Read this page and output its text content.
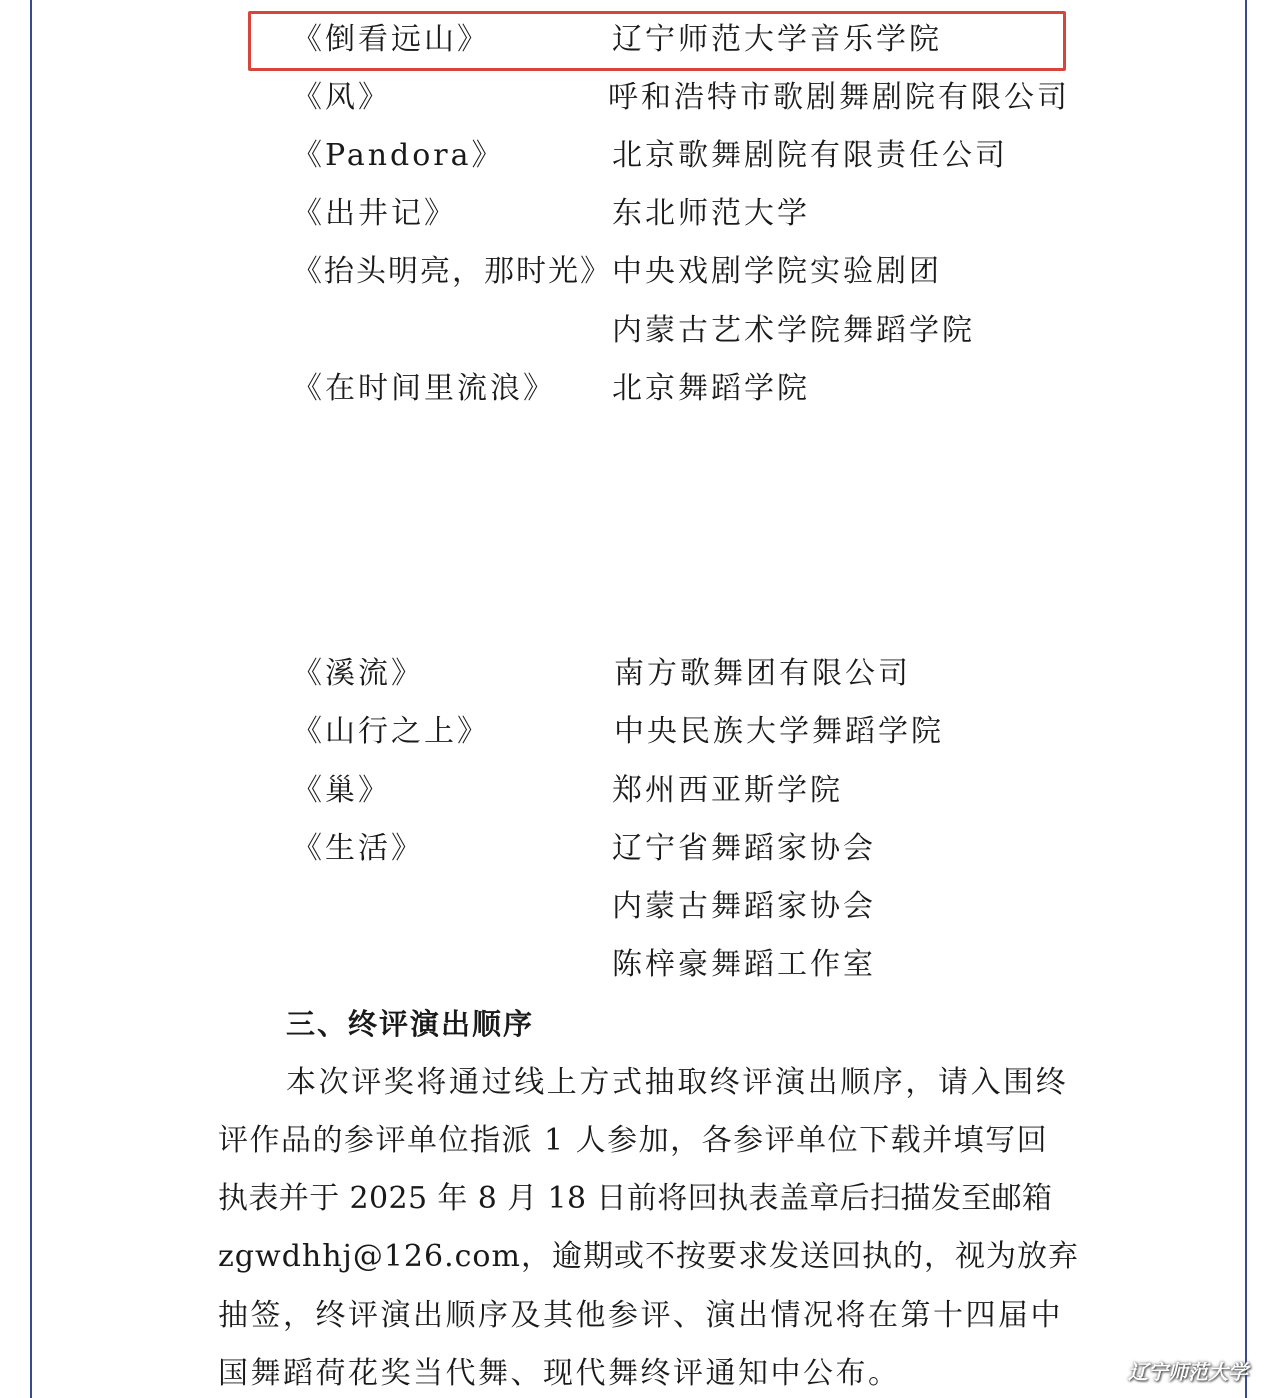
《倒看远山》	辽宁师范大学音乐学院
《风》	呼和浩特市歌剧舞剧院有限公司
《Pandora》	北京歌舞剧院有限责任公司
《出井记》	东北师范大学
《抬头明亮，那时光》 中央戏剧学院实验剧团
内蒙古艺术学院舞蹈学院
《在时间里流浪》 北京舞蹈学院
《溪流》	南方歌舞团有限公司
《山行之上》	中央民族大学舞蹈学院
《巢》	郑州西亚斯学院
《生活》	辽宁省舞蹈家协会
内蒙古舞蹈家协会
陈梓豪舞蹈工作室
三、终评演出顺序
本次评奖将通过线上方式抽取终评演出顺序，请入围终
评作品的参评单位指派 1 人参加，各参评单位下载并填写回
执表并于 2025 年 8 月 18 日前将回执表盖章后扫描发至邮箱
zgwdhhj@126.com，逾期或不按要求发送回执的，视为放弃
抽签，终评演出顺序及其他参评、演出情况将在第十四届中
国舞蹈荷花奖当代舞、现代舞终评通知中公布。	辽宁师范大学
